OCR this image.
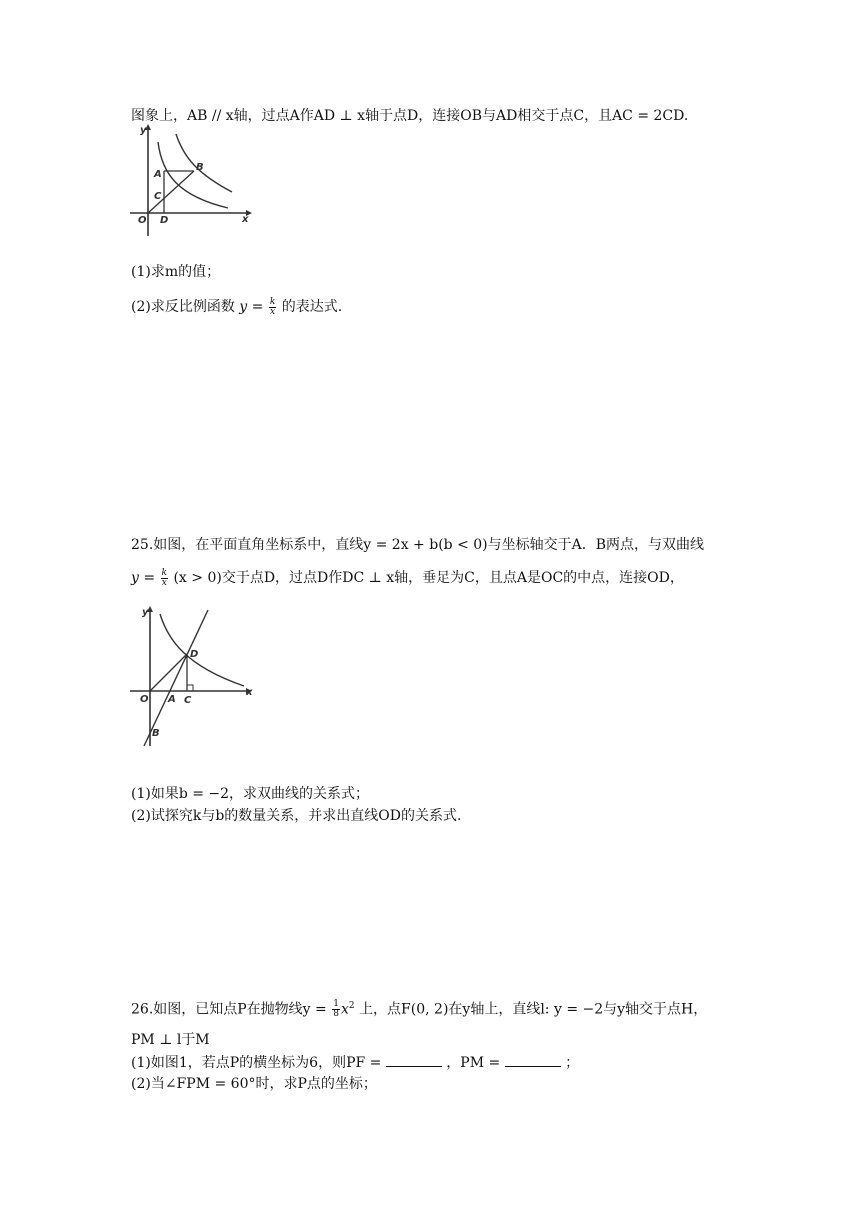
图象上，AB // x轴，过点A作AD ⊥ x轴于点D，连接OB与AD相交于点C，且AC = 2CD.
y
x
O
A
B
C
D
(1)求m的值；
(2)求反比例函数 $y = \frac{k}{x}$ 的表达式.
25.如图，在平面直角坐标系中，直线y = 2x + b(b < 0)与坐标轴交于A．B两点，与双曲线
$y = \frac{k}{x} (x > 0)$交于点D，过点D作DC ⊥ x轴，垂足为C，且点A是OC的中点，连接OD，
y
x
O A C
D
B
(1)如果b = −2，求双曲线的关系式；
(2)试探究k与b的数量关系，并求出直线OD的关系式.
26.如图，已知点P在抛物线$y = \frac{1}{8} x^2$ 上，点F(0, 2)在y轴上，直线l: y = −2与y轴交于点H，
PM ⊥ l于M
(1)如图1，若点P的横坐标为6，则PF =	，PM =	；
(2)当∠FPM = 60°时，求P点的坐标；
